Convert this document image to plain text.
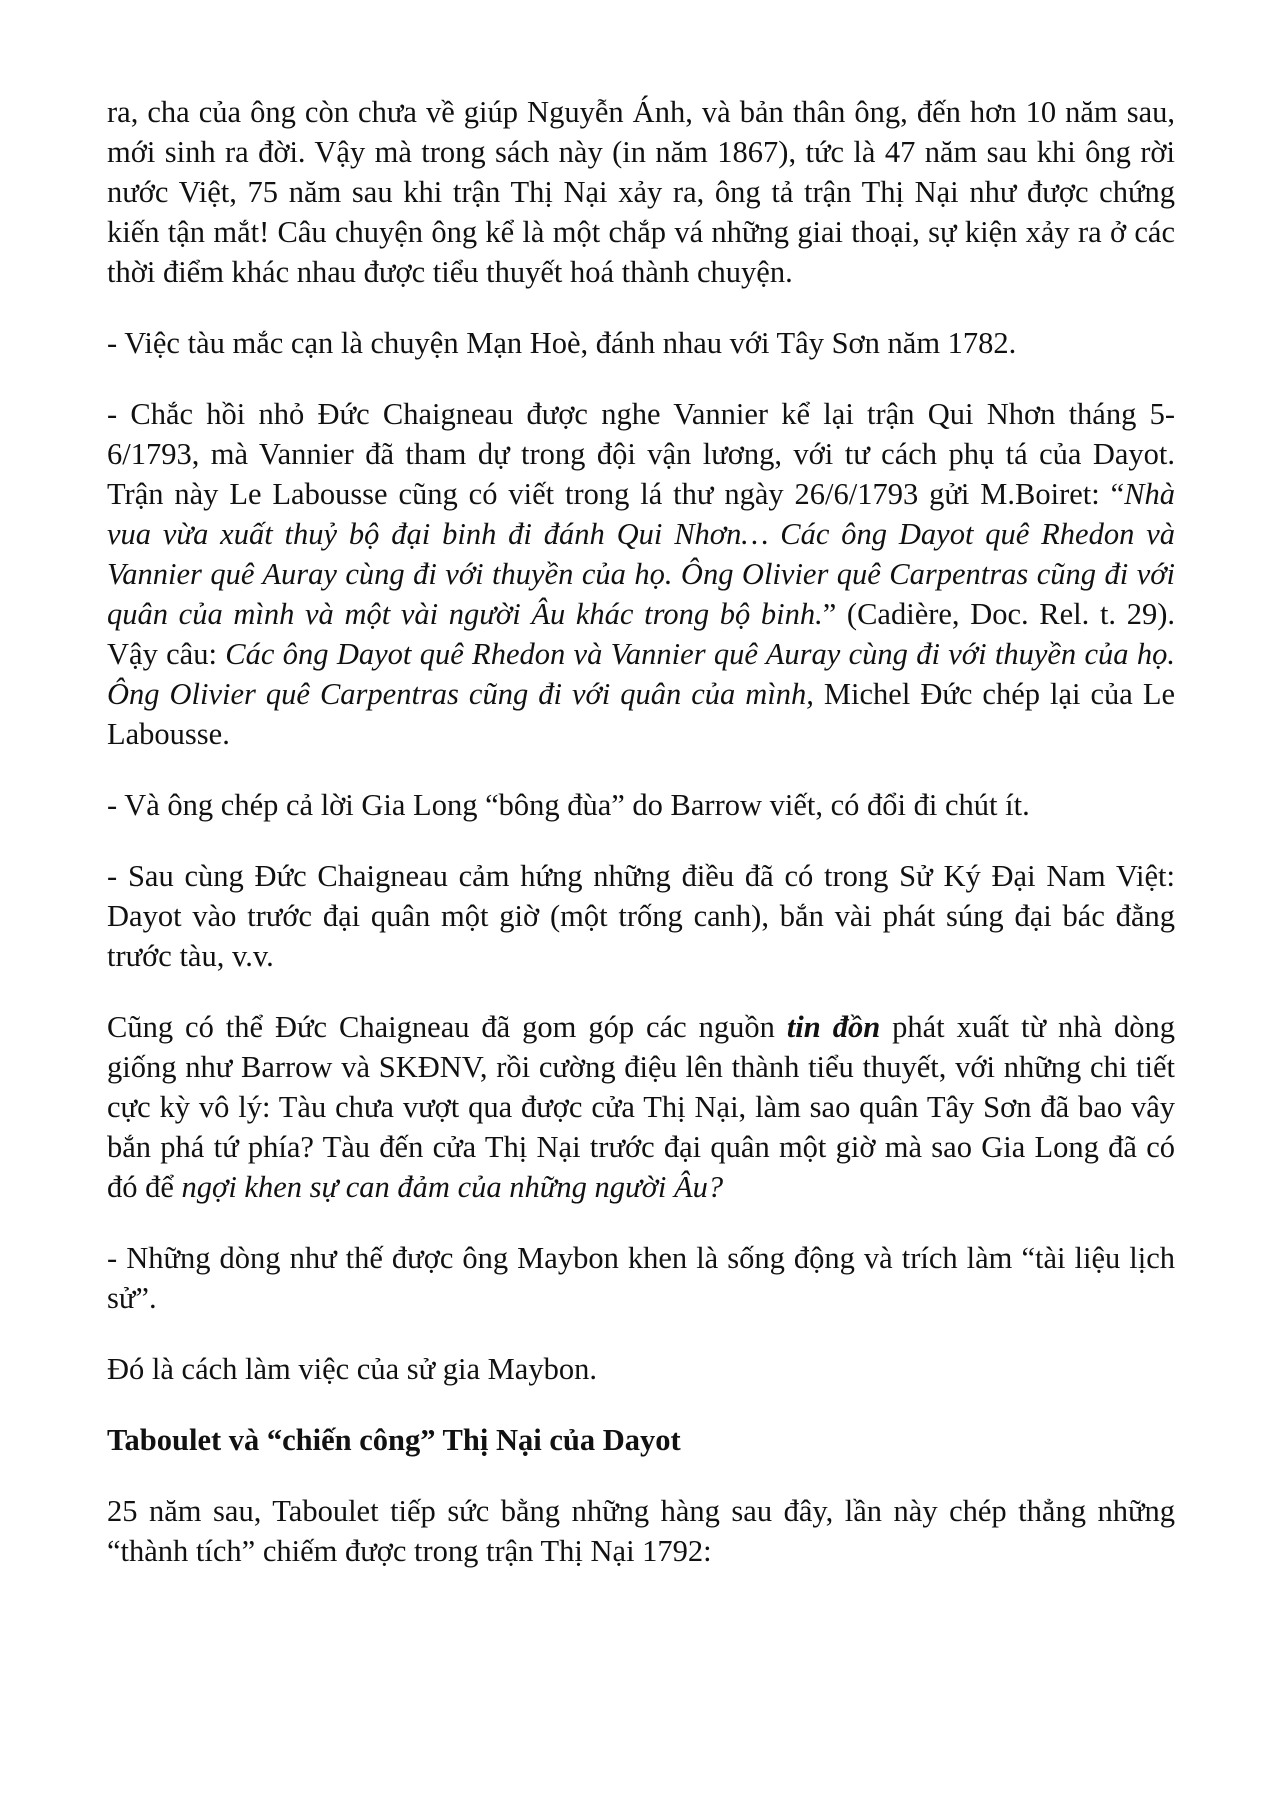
ra, cha của ông còn chưa về giúp Nguyễn Ánh, và bản thân ông, đến hơn 10 năm sau, mới sinh ra đời. Vậy mà trong sách này (in năm 1867), tức là 47 năm sau khi ông rời nước Việt, 75 năm sau khi trận Thị Nại xảy ra, ông tả trận Thị Nại như được chứng kiến tận mắt! Câu chuyện ông kể là một chắp vá những giai thoại, sự kiện xảy ra ở các thời điểm khác nhau được tiểu thuyết hoá thành chuyện.

- Việc tàu mắc cạn là chuyện Mạn Hoè, đánh nhau với Tây Sơn năm 1782.

- Chắc hồi nhỏ Đức Chaigneau được nghe Vannier kể lại trận Qui Nhơn tháng 5-6/1793, mà Vannier đã tham dự trong đội vận lương, với tư cách phụ tá của Dayot. Trận này Le Labousse cũng có viết trong lá thư ngày 26/6/1793 gửi M.Boiret: “Nhà vua vừa xuất thuỷ bộ đại binh đi đánh Qui Nhơn… Các ông Dayot quê Rhedon và Vannier quê Auray cùng đi với thuyền của họ. Ông Olivier quê Carpentras cũng đi với quân của mình và một vài người Âu khác trong bộ binh.” (Cadière, Doc. Rel. t. 29). Vậy câu: Các ông Dayot quê Rhedon và Vannier quê Auray cùng đi với thuyền của họ. Ông Olivier quê Carpentras cũng đi với quân của mình, Michel Đức chép lại của Le Labousse.

- Và ông chép cả lời Gia Long “bông đùa” do Barrow viết, có đổi đi chút ít.

- Sau cùng Đức Chaigneau cảm hứng những điều đã có trong Sử Ký Đại Nam Việt: Dayot vào trước đại quân một giờ (một trống canh), bắn vài phát súng đại bác đằng trước tàu, v.v.

Cũng có thể Đức Chaigneau đã gom góp các nguồn tin đồn phát xuất từ nhà dòng giống như Barrow và SKĐNV, rồi cường điệu lên thành tiểu thuyết, với những chi tiết cực kỳ vô lý: Tàu chưa vượt qua được cửa Thị Nại, làm sao quân Tây Sơn đã bao vây bắn phá tứ phía? Tàu đến cửa Thị Nại trước đại quân một giờ mà sao Gia Long đã có đó để ngợi khen sự can đảm của những người Âu?

- Những dòng như thế được ông Maybon khen là sống động và trích làm “tài liệu lịch sử”.

Đó là cách làm việc của sử gia Maybon.

Taboulet và “chiến công” Thị Nại của Dayot

25 năm sau, Taboulet tiếp sức bằng những hàng sau đây, lần này chép thẳng những “thành tích” chiếm được trong trận Thị Nại 1792:
